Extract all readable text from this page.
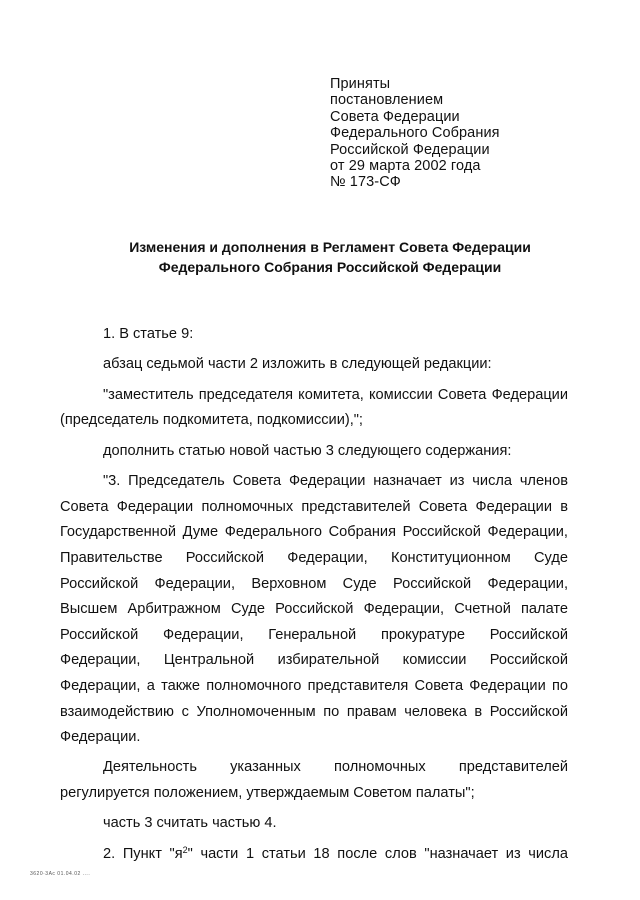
Приняты
постановлением
Совета Федерации
Федерального Собрания
Российской Федерации
от 29 марта 2002 года
№ 173-СФ
Изменения и дополнения в Регламент Совета Федерации
Федерального Собрания Российской Федерации

1. В статье 9:

абзац седьмой части 2 изложить в следующей редакции:

"заместитель председателя комитета, комиссии Совета Федерации (председатель подкомитета, подкомиссии),";

дополнить статью новой частью 3 следующего содержания:

"3. Председатель Совета Федерации назначает из числа членов Совета Федерации полномочных представителей Совета Федерации в Государственной Думе Федерального Собрания Российской Федерации, Правительстве Российской Федерации, Конституционном Суде Российской Федерации, Верховном Суде Российской Федерации, Высшем Арбитражном Суде Российской Федерации, Счетной палате Российской Федерации, Генеральной прокуратуре Российской Федерации, Центральной избирательной комиссии Российской Федерации, а также полномочного представителя Совета Федерации по взаимодействию с Уполномоченным по правам человека в Российской Федерации.

Деятельность указанных полномочных представителей регулируется положением, утверждаемым Советом палаты";

часть 3 считать частью 4.

2. Пункт "$я^2$" части 1 статьи 18 после слов "назначает из числа

3620·3Ас 01.04.02 ....
